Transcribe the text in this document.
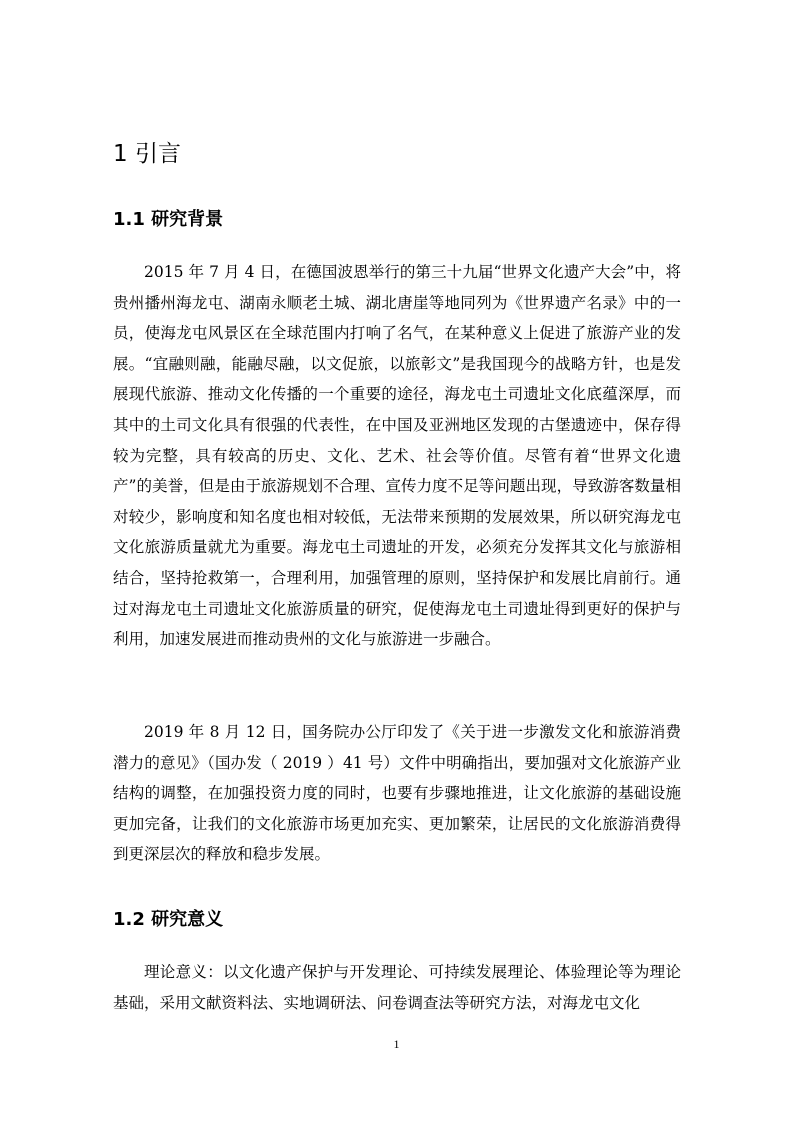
1 引言
1.1 研究背景

2015 年 7 月 4 日，在德国波恩举行的第三十九届“世界文化遗产大会”中，将贵州播州海龙屯、湖南永顺老土城、湖北唐崖等地同列为《世界遗产名录》中的一员，使海龙屯风景区在全球范围内打响了名气，在某种意义上促进了旅游产业的发展。“宜融则融，能融尽融，以文促旅，以旅彰文”是我国现今的战略方针，也是发展现代旅游、推动文化传播的一个重要的途径，海龙屯土司遗址文化底蕴深厚，而其中的土司文化具有很强的代表性，在中国及亚洲地区发现的古堡遗迹中，保存得较为完整，具有较高的历史、文化、艺术、社会等价值。尽管有着“世界文化遗产”的美誉，但是由于旅游规划不合理、宣传力度不足等问题出现，导致游客数量相对较少，影响度和知名度也相对较低，无法带来预期的发展效果，所以研究海龙屯文化旅游质量就尤为重要。海龙屯土司遗址的开发，必须充分发挥其文化与旅游相结合，坚持抢救第一，合理利用，加强管理的原则，坚持保护和发展比肩前行。通过对海龙屯土司遗址文化旅游质量的研究，促使海龙屯土司遗址得到更好的保护与利用，加速发展进而推动贵州的文化与旅游进一步融合。

2019 年 8 月 12 日，国务院办公厅印发了《关于进一步激发文化和旅游消费潜力的意见》（国办发（ 2019 ）41 号）文件中明确指出，要加强对文化旅游产业结构的调整，在加强投资力度的同时，也要有步骤地推进，让文化旅游的基础设施更加完备，让我们的文化旅游市场更加充实、更加繁荣，让居民的文化旅游消费得到更深层次的释放和稳步发展。

1.2 研究意义

理论意义：以文化遗产保护与开发理论、可持续发展理论、体验理论等为理论基础，采用文献资料法、实地调研法、问卷调查法等研究方法，对海龙屯文化

1
